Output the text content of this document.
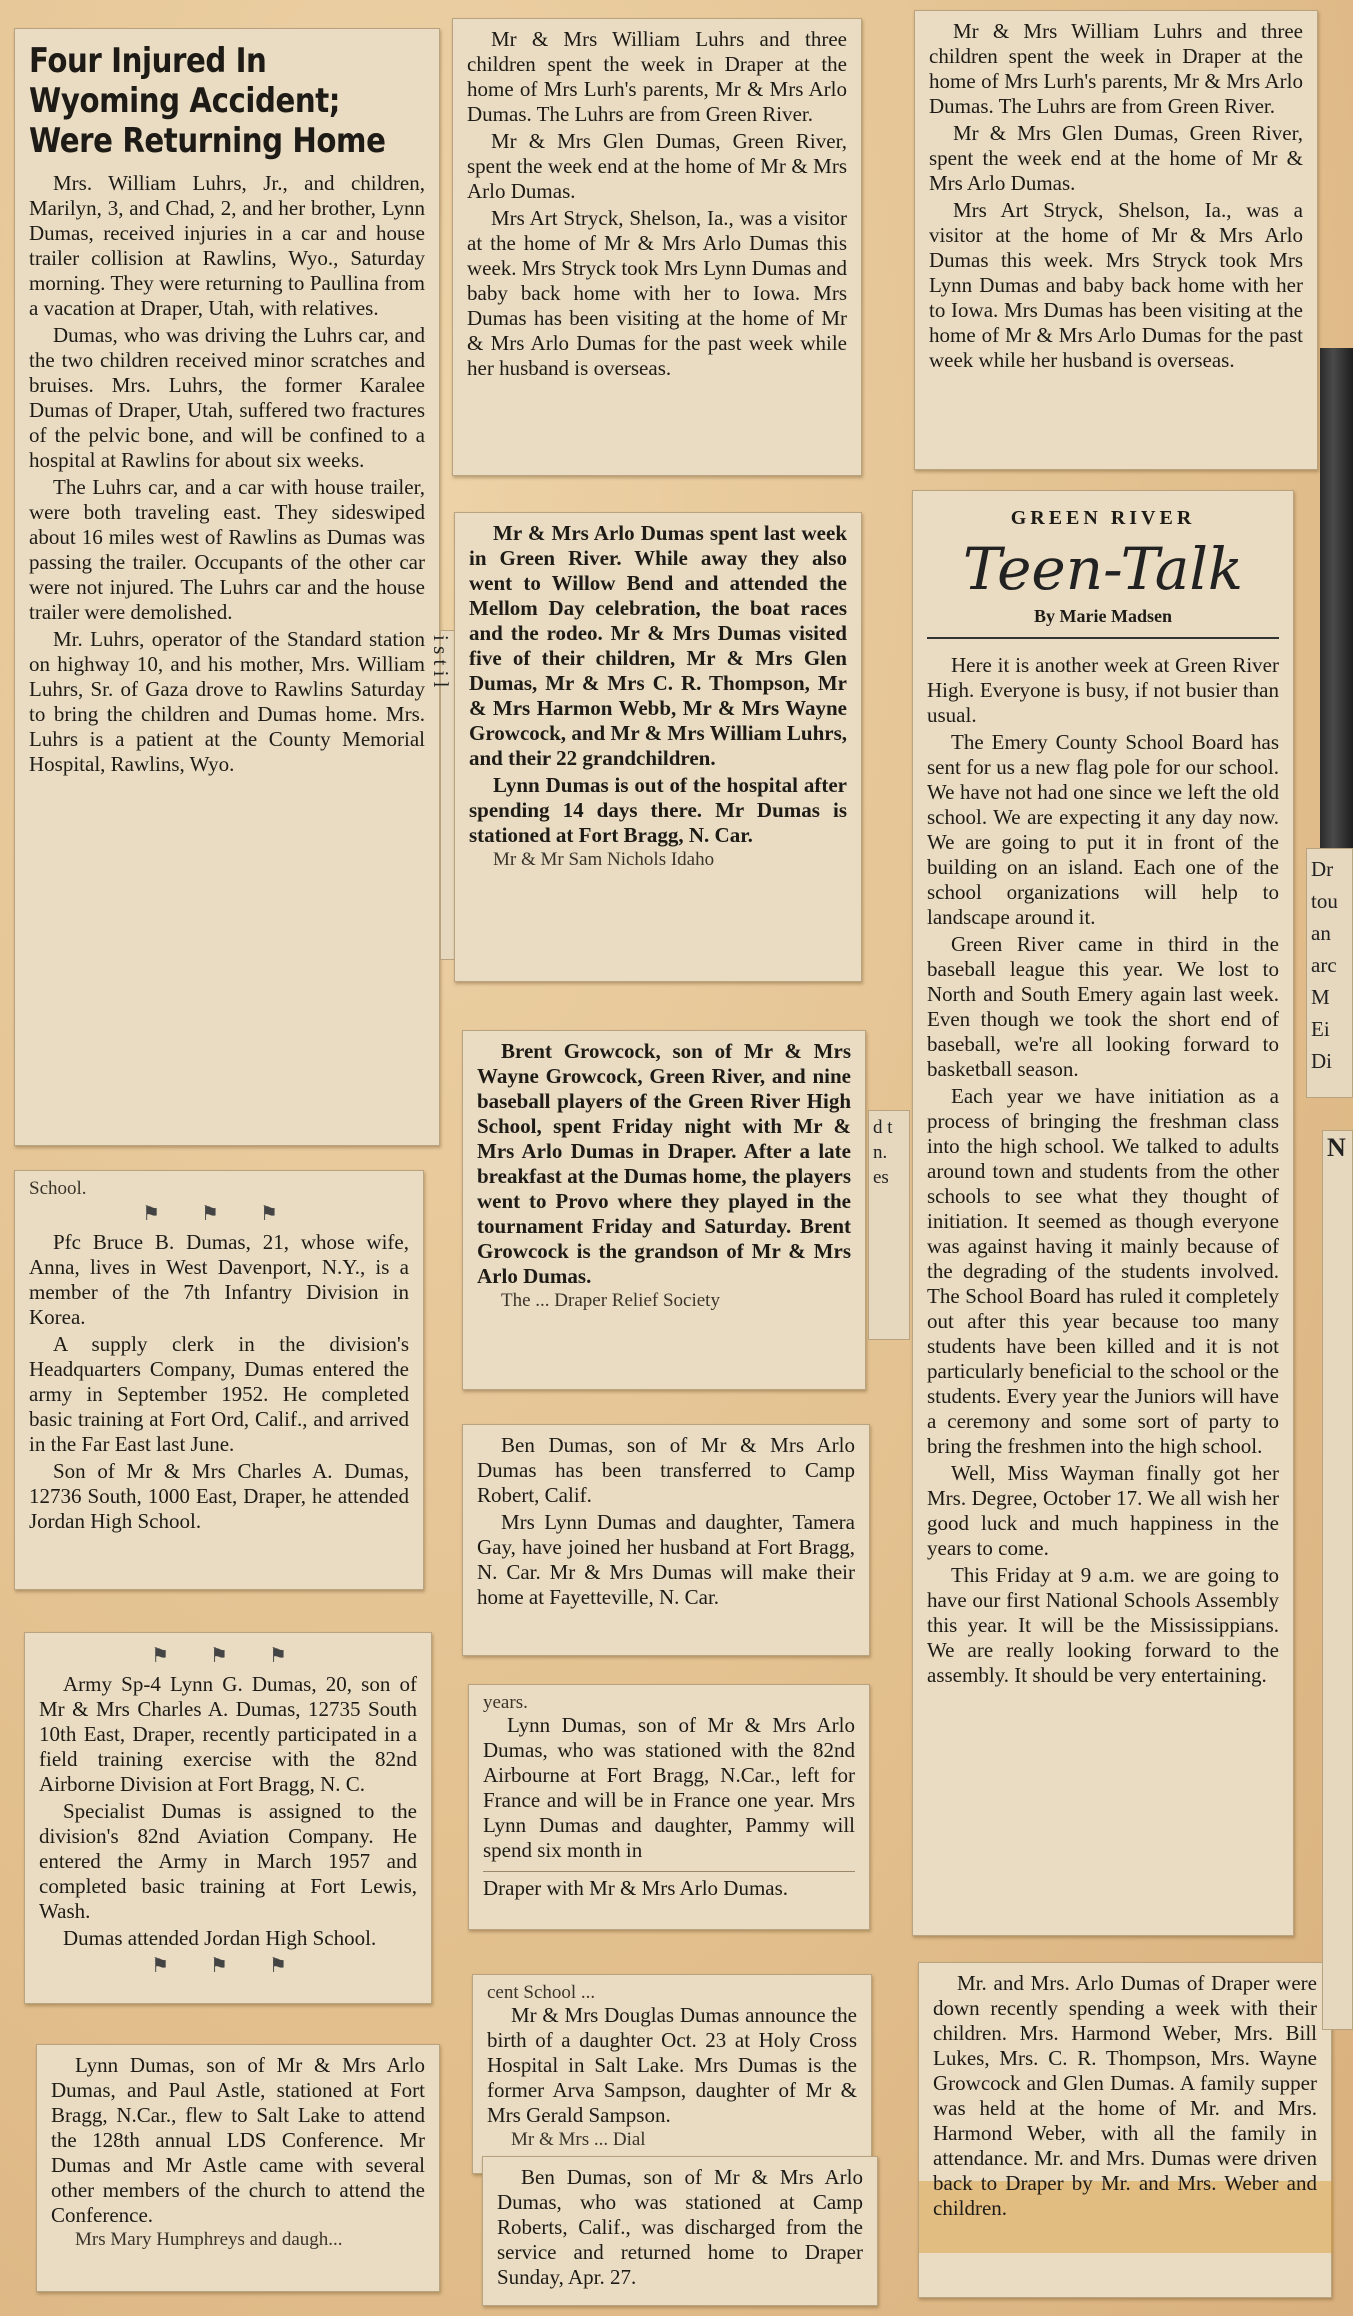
Four Injured In Wyoming Accident; Were Returning Home

Mrs. William Luhrs, Jr., and children, Marilyn, 3, and Chad, 2, and her brother, Lynn Dumas, received injuries in a car and house trailer collision at Rawlins, Wyo., Saturday morning. They were returning to Paullina from a vacation at Draper, Utah, with relatives.

Dumas, who was driving the Luhrs car, and the two children received minor scratches and bruises. Mrs. Luhrs, the former Karalee Dumas of Draper, Utah, suffered two fractures of the pelvic bone, and will be confined to a hospital at Rawlins for about six weeks.

The Luhrs car, and a car with house trailer, were both traveling east. They sideswiped about 16 miles west of Rawlins as Dumas was passing the trailer. Occupants of the other car were not injured. The Luhrs car and the house trailer were demolished.

Mr. Luhrs, operator of the Standard station on highway 10, and his mother, Mrs. William Luhrs, Sr. of Gaza drove to Rawlins Saturday to bring the children and Dumas home. Mrs. Luhrs is a patient at the County Memorial Hospital, Rawlins, Wyo.

School.
⚑ ⚑ ⚑

Pfc Bruce B. Dumas, 21, whose wife, Anna, lives in West Davenport, N.Y., is a member of the 7th Infantry Division in Korea.

A supply clerk in the division's Headquarters Company, Dumas entered the army in September 1952. He completed basic training at Fort Ord, Calif., and arrived in the Far East last June.

Son of Mr & Mrs Charles A. Dumas, 12736 South, 1000 East, Draper, he attended Jordan High School.

⚑ ⚑ ⚑

Army Sp-4 Lynn G. Dumas, 20, son of Mr & Mrs Charles A. Dumas, 12735 South 10th East, Draper, recently participated in a field training exercise with the 82nd Airborne Division at Fort Bragg, N. C.

Specialist Dumas is assigned to the division's 82nd Aviation Company. He entered the Army in March 1957 and completed basic training at Fort Lewis, Wash.

Dumas attended Jordan High School.

⚑ ⚑ ⚑

Lynn Dumas, son of Mr & Mrs Arlo Dumas, and Paul Astle, stationed at Fort Bragg, N.Car., flew to Salt Lake to attend the 128th annual LDS Conference. Mr Dumas and Mr Astle came with several other members of the church to attend the Conference.

Mrs Mary Humphreys and daugh...

Mr & Mrs William Luhrs and three children spent the week in Draper at the home of Mrs Lurh's parents, Mr & Mrs Arlo Dumas. The Luhrs are from Green River.

Mr & Mrs Glen Dumas, Green River, spent the week end at the home of Mr & Mrs Arlo Dumas.

Mrs Art Stryck, Shelson, Ia., was a visitor at the home of Mr & Mrs Arlo Dumas this week. Mrs Stryck took Mrs Lynn Dumas and baby back home with her to Iowa. Mrs Dumas has been visiting at the home of Mr & Mrs Arlo Dumas for the past week while her husband is overseas.

i s t i l

Mr & Mrs Arlo Dumas spent last week in Green River. While away they also went to Willow Bend and attended the Mellom Day celebration, the boat races and the rodeo. Mr & Mrs Dumas visited five of their children, Mr & Mrs Glen Dumas, Mr & Mrs C. R. Thompson, Mr & Mrs Harmon Webb, Mr & Mrs Wayne Growcock, and Mr & Mrs William Luhrs, and their 22 grandchildren.

Lynn Dumas is out of the hospital after spending 14 days there. Mr Dumas is stationed at Fort Bragg, N. Car.

Mr & Mr Sam Nichols Idaho

Brent Growcock, son of Mr & Mrs Wayne Growcock, Green River, and nine baseball players of the Green River High School, spent Friday night with Mr & Mrs Arlo Dumas in Draper. After a late breakfast at the Dumas home, the players went to Provo where they played in the tournament Friday and Saturday. Brent Growcock is the grandson of Mr & Mrs Arlo Dumas.

The ... Draper Relief Society
d t n. es

Ben Dumas, son of Mr & Mrs Arlo Dumas has been transferred to Camp Robert, Calif.

Mrs Lynn Dumas and daughter, Tamera Gay, have joined her husband at Fort Bragg, N. Car. Mr & Mrs Dumas will make their home at Fayetteville, N. Car.

years.

Lynn Dumas, son of Mr & Mrs Arlo Dumas, who was stationed with the 82nd Airbourne at Fort Bragg, N.Car., left for France and will be in France one year. Mrs Lynn Dumas and daughter, Pammy will spend six month in

Draper with Mr & Mrs Arlo Dumas.

cent School ...

Mr & Mrs Douglas Dumas announce the birth of a daughter Oct. 23 at Holy Cross Hospital in Salt Lake. Mrs Dumas is the former Arva Sampson, daughter of Mr & Mrs Gerald Sampson.

Mr & Mrs ... Dial

Ben Dumas, son of Mr & Mrs Arlo Dumas, who was stationed at Camp Roberts, Calif., was discharged from the service and returned home to Draper Sunday, Apr. 27.

Mr & Mrs William Luhrs and three children spent the week in Draper at the home of Mrs Lurh's parents, Mr & Mrs Arlo Dumas. The Luhrs are from Green River.

Mr & Mrs Glen Dumas, Green River, spent the week end at the home of Mr & Mrs Arlo Dumas.

Mrs Art Stryck, Shelson, Ia., was a visitor at the home of Mr & Mrs Arlo Dumas this week. Mrs Stryck took Mrs Lynn Dumas and baby back home with her to Iowa. Mrs Dumas has been visiting at the home of Mr & Mrs Arlo Dumas for the past week while her husband is overseas.

GREEN RIVER
Teen-Talk
By Marie Madsen

Here it is another week at Green River High. Everyone is busy, if not busier than usual.

The Emery County School Board has sent for us a new flag pole for our school. We have not had one since we left the old school. We are expecting it any day now. We are going to put it in front of the building on an island. Each one of the school organizations will help to landscape around it.

Green River came in third in the baseball league this year. We lost to North and South Emery again last week. Even though we took the short end of baseball, we're all looking forward to basketball season.

Each year we have initiation as a process of bringing the freshman class into the high school. We talked to adults around town and students from the other schools to see what they thought of initiation. It seemed as though everyone was against having it mainly because of the degrading of the students involved. The School Board has ruled it completely out after this year because too many students have been killed and it is not particularly beneficial to the school or the students. Every year the Juniors will have a ceremony and some sort of party to bring the freshmen into the high school.

Well, Miss Wayman finally got her Mrs. Degree, October 17. We all wish her good luck and much happiness in the years to come.

This Friday at 9 a.m. we are going to have our first National Schools Assembly this year. It will be the Mississippians. We are really looking forward to the assembly. It should be very entertaining.

Mr. and Mrs. Arlo Dumas of Draper were down recently spending a week with their children. Mrs. Harmond Weber, Mrs. Bill Lukes, Mrs. C. R. Thompson, Mrs. Wayne Growcock and Glen Dumas. A family supper was held at the home of Mr. and Mrs. Harmond Weber, with all the family in attendance. Mr. and Mrs. Dumas were driven back to Draper by Mr. and Mrs. Weber and children.

Dr tou an arc M Ei Di
N
